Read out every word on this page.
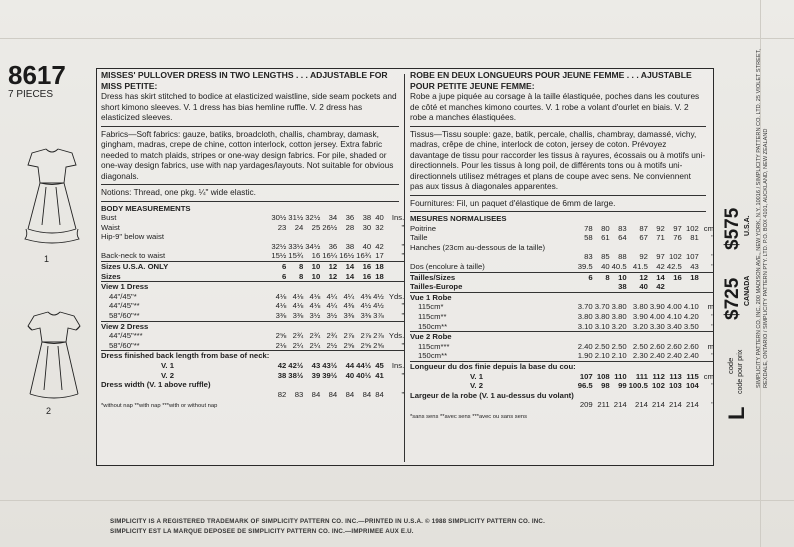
8617
7 PIECES
1
2
MISSES' PULLOVER DRESS IN TWO LENGTHS . . . ADJUSTABLE FOR MISS PETITE:

Dress has skirt stitched to bodice at elasticized waistline, side seam pockets and short kimono sleeves. V. 1 dress has bias hemline ruffle. V. 2 dress has elasticized sleeves.

Fabrics—Soft fabrics: gauze, batiks, broadcloth, challis, chambray, damask, gingham, madras, crepe de chine, cotton interlock, cotton jersey. Extra fabric needed to match plaids, stripes or one-way design fabrics. For pile, shaded or one-way design fabrics, use with nap yardages/layouts. Not suitable for obvious diagonals.

Notions: Thread, one pkg. ¼" wide elastic.

BODY MEASUREMENTS								
Bust	30½	31½	32½	34	36	38	40	Ins.
Waist	23	24	25	26½	28	30	32	"
Hip-9" below waist								
	32½	33½	34½	36	38	40	42	"
Back-neck to waist	15½	15¾	16	16¼	16½	16¾	17	"
Sizes U.S.A. ONLY	6	8	10	12	14	16	18	
Sizes	6	8	10	12	14	16	18	
View 1 Dress								
44"/45"*	4⅛	4⅛	4⅛	4¼	4¼	4⅜	4½	Yds.
44"/45"**	4⅛	4⅛	4⅛	4¼	4⅜	4½	4½	"
58"/60"**	3⅜	3⅜	3½	3½	3⅜	3⅜	3⅞	"
View 2 Dress								
44"/45"***	2⅝	2¾	2¾	2¾	2⅞	2⅞	2⅞	Yds.
58"/60"**	2⅛	2¼	2¼	2½	2⅝	2⅝	2⅝	"
Dress finished back length from base of neck:								
V. 1	42	42½	43	43½	44	44½	45	Ins.
V. 2	38	38½	39	39½	40	40½	41	"
Dress width (V. 1 above ruffle)								
	82	83	84	84	84	84	84	"
*without nap **with nap ***with or without nap
ROBE EN DEUX LONGUEURS POUR JEUNE FEMME . . . AJUSTABLE POUR PETITE JEUNE FEMME:

Robe a jupe piquée au corsage à la taille élastiquée, poches dans les coutures de côté et manches kimono courtes. V. 1 robe a volant d'ourlet en biais. V. 2 robe a manches élastiquées.

Tissus—Tissu souple: gaze, batik, percale, challis, chambray, damassé, vichy, madras, crêpe de chine, interlock de coton, jersey de coton. Prévoyez davantage de tissu pour raccorder les tissus à rayures, écossais ou à motifs uni-directionnels. Pour les tissus à long poil, de différents tons ou à motifs uni-directionnels utilisez métrages et plans de coupe avec sens. Ne conviennent pas aux tissus à diagonales apparentes.

Fournitures: Fil, un paquet d'élastique de 6mm de large.

MESURES NORMALISEES								
Poitrine	78	80	83	87	92	97	102	cm
Taille	58	61	64	67	71	76	81	"
Hanches (23cm au-dessous de la taille)								
	83	85	88	92	97	102	107	"
Dos (encolure à taille)	39.5	40	40.5	41.5	42	42.5	43	"
Tailles/Sizes	6	8	10	12	14	16	18	
Tailles-Europe			38	40	42			
Vue 1 Robe								
115cm*	3.70	3.70	3.80	3.80	3.90	4.00	4.10	m
115cm**	3.80	3.80	3.80	3.90	4.00	4.10	4.20	"
150cm**	3.10	3.10	3.20	3.20	3.30	3.40	3.50	"
Vue 2 Robe								
115cm***	2.40	2.50	2.50	2.50	2.60	2.60	2.60	m
150cm**	1.90	2.10	2.10	2.30	2.40	2.40	2.40	"
Longueur du dos finie depuis la base du cou:								
V. 1	107	108	110	111	112	113	115	cm
V. 2	96.5	98	99	100.5	102	103	104	"
Largeur de la robe (V. 1 au-dessus du volant)								
	209	211	214	214	214	214	214	"
*sans sens **avec sens ***avec ou sans sens
$575 U.S.A.
$725 CANADA
code code pour prix
L
SIMPLICITY PATTERN CO. INC. 200 MADISON AVE., NEW YORK, N.Y. 10016 / SIMPLICITY PATTERN CO. LTD. 25 VIOLET STREET, REXDALE, ONTARIO / SIMPLICITY PATTERN PTY. LTD. P.O. BOX 4101, AUCKLAND, NEW ZEALAND
SIMPLICITY IS A REGISTERED TRADEMARK OF SIMPLICITY PATTERN CO. INC.—PRINTED IN U.S.A. © 1988 SIMPLICITY PATTERN CO. INC.
SIMPLICITY EST LA MARQUE DEPOSEE DE SIMPLICITY PATTERN CO. INC.—IMPRIMEE AUX E.U.
